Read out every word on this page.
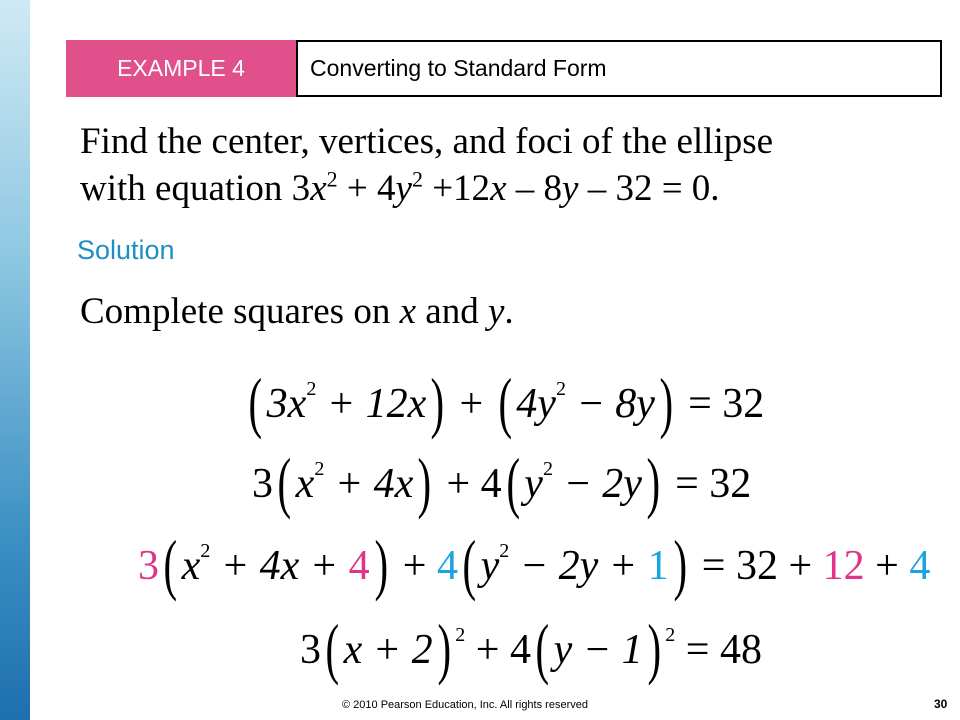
EXAMPLE 4	Converting to Standard Form
Find the center, vertices, and foci of the ellipse
with equation $3x^2 + 4y^2 +12x - 8y - 32 = 0$.
Solution
Complete squares on x and y.
( $3x^2 + 12x$) + ( $4y^2 - 8y) = 32$
3( $x^2 + 4x) + 4$( $y^2 - 2y) = 32$
3( $x^2 + 4x + 4) + 4$( $y^2 - 2y + 1) = 32 + 12 + 4$
3( x + 2) $^2$ + 4( y − 1) $^2$ = 48
© 2010 Pearson Education, Inc. All rights reserved	30
